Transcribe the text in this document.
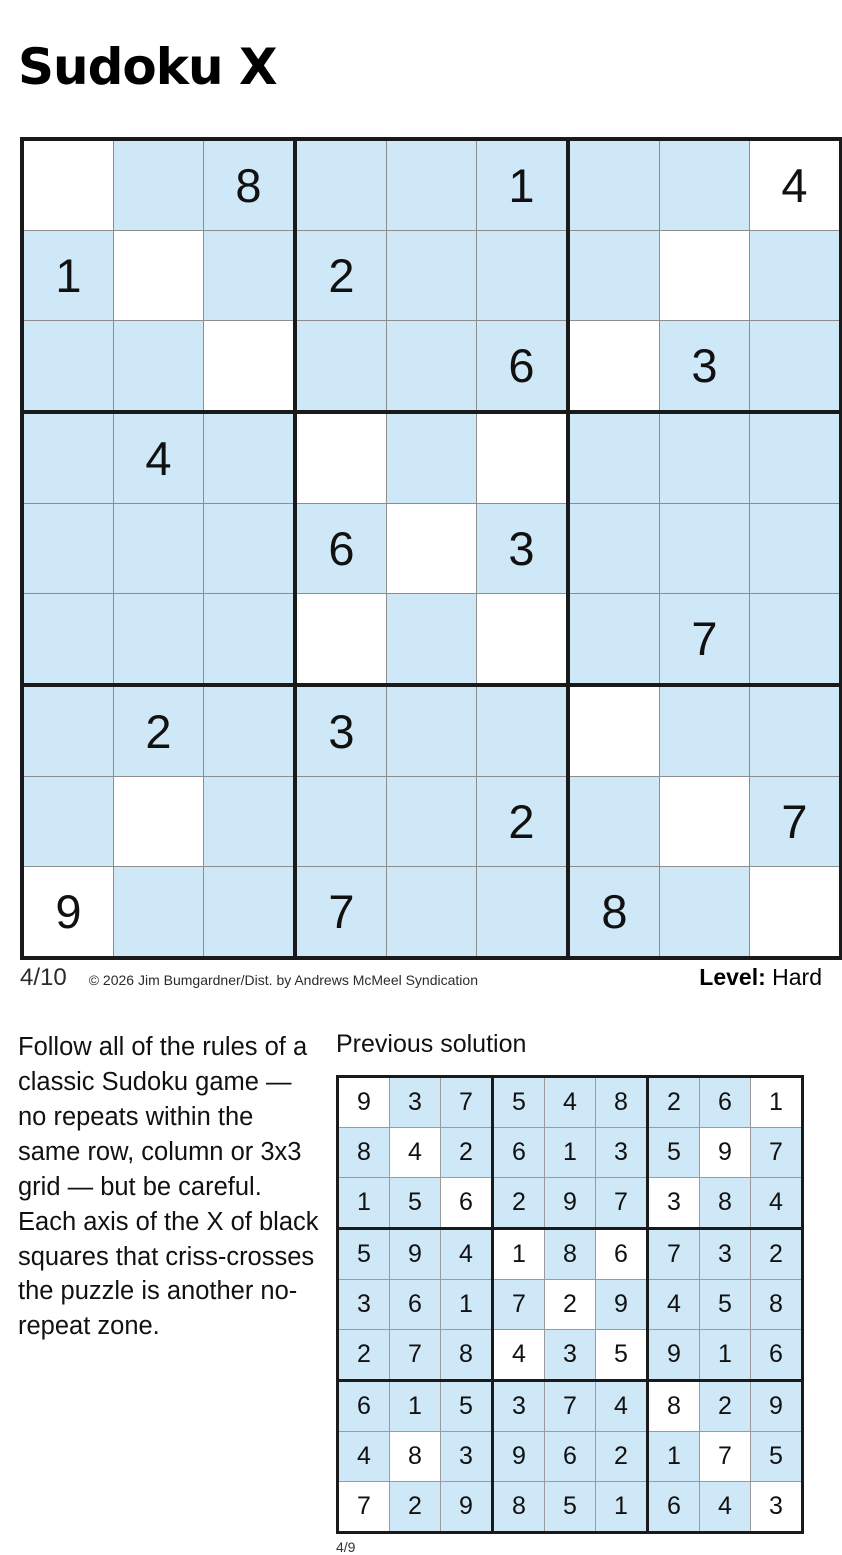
Sudoku X
		8			1			4
1			2					
					6		3	
	4							
			6		3			
							7	
	2		3					
					2			7
9			7			8		
4/10	© 2026 Jim Bumgardner/Dist. by Andrews McMeel Syndication	Level: Hard
Follow all of the rules of a classic Sudoku game — no repeats within the same row, column or 3x3 grid — but be careful. Each axis of the X of black squares that criss-crosses the puzzle is another no-repeat zone.
Previous solution
9	3	7	5	4	8	2	6	1
8	4	2	6	1	3	5	9	7
1	5	6	2	9	7	3	8	4
5	9	4	1	8	6	7	3	2
3	6	1	7	2	9	4	5	8
2	7	8	4	3	5	9	1	6
6	1	5	3	7	4	8	2	9
4	8	3	9	6	2	1	7	5
7	2	9	8	5	1	6	4	3
4/9
